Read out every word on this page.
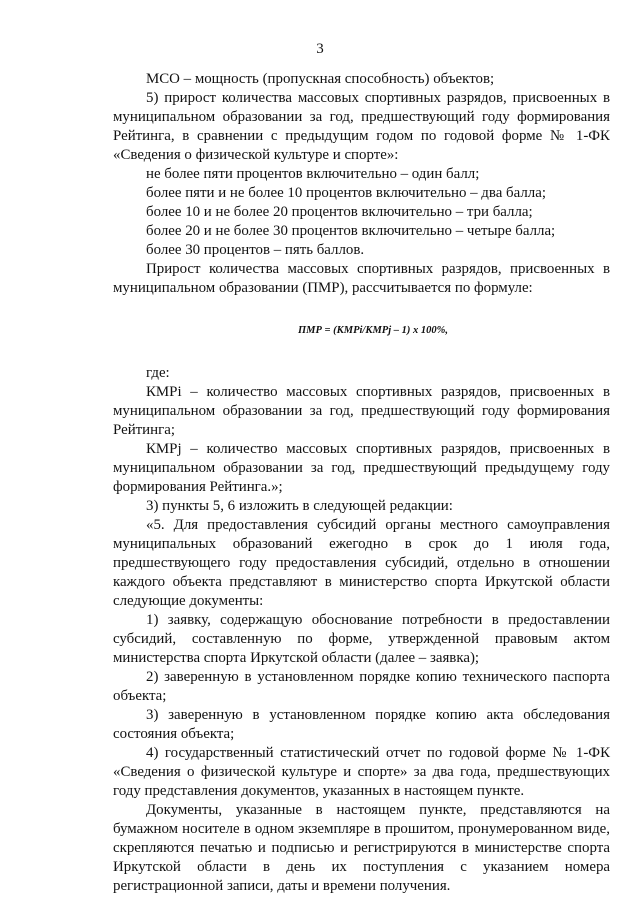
3

МСО – мощность (пропускная способность) объектов;

5) прирост количества массовых спортивных разрядов, присвоенных в муниципальном образовании за год, предшествующий году формирования Рейтинга, в сравнении с предыдущим годом по годовой форме № 1-ФК «Сведения о физической культуре и спорте»:

не более пяти процентов включительно – один балл;

более пяти и не более 10 процентов включительно – два балла;

более 10 и не более 20 процентов включительно – три балла;

более 20 и не более 30 процентов включительно – четыре балла;

более 30 процентов – пять баллов.

Прирост количества массовых спортивных разрядов, присвоенных в муниципальном образовании (ПМР), рассчитывается по формуле:

ПМР = (КМРi/КМРj – 1) x 100%,

где:

КМРi – количество массовых спортивных разрядов, присвоенных в муниципальном образовании за год, предшествующий году формирования Рейтинга;

КМРj – количество массовых спортивных разрядов, присвоенных в муниципальном образовании за год, предшествующий предыдущему году формирования Рейтинга.»;

3) пункты 5, 6 изложить в следующей редакции:

«5. Для предоставления субсидий органы местного самоуправления муниципальных образований ежегодно в срок до 1 июля года, предшествующего году предоставления субсидий, отдельно в отношении каждого объекта представляют в министерство спорта Иркутской области следующие документы:

1) заявку, содержащую обоснование потребности в предоставлении субсидий, составленную по форме, утвержденной правовым актом министерства спорта Иркутской области (далее – заявка);

2) заверенную в установленном порядке копию технического паспорта объекта;

3) заверенную в установленном порядке копию акта обследования состояния объекта;

4) государственный статистический отчет по годовой форме № 1-ФК «Сведения о физической культуре и спорте» за два года, предшествующих году представления документов, указанных в настоящем пункте.

Документы, указанные в настоящем пункте, представляются на бумажном носителе в одном экземпляре в прошитом, пронумерованном виде, скрепляются печатью и подписью и регистрируются в министерстве спорта Иркутской области в день их поступления с указанием номера регистрационной записи, даты и времени получения.
